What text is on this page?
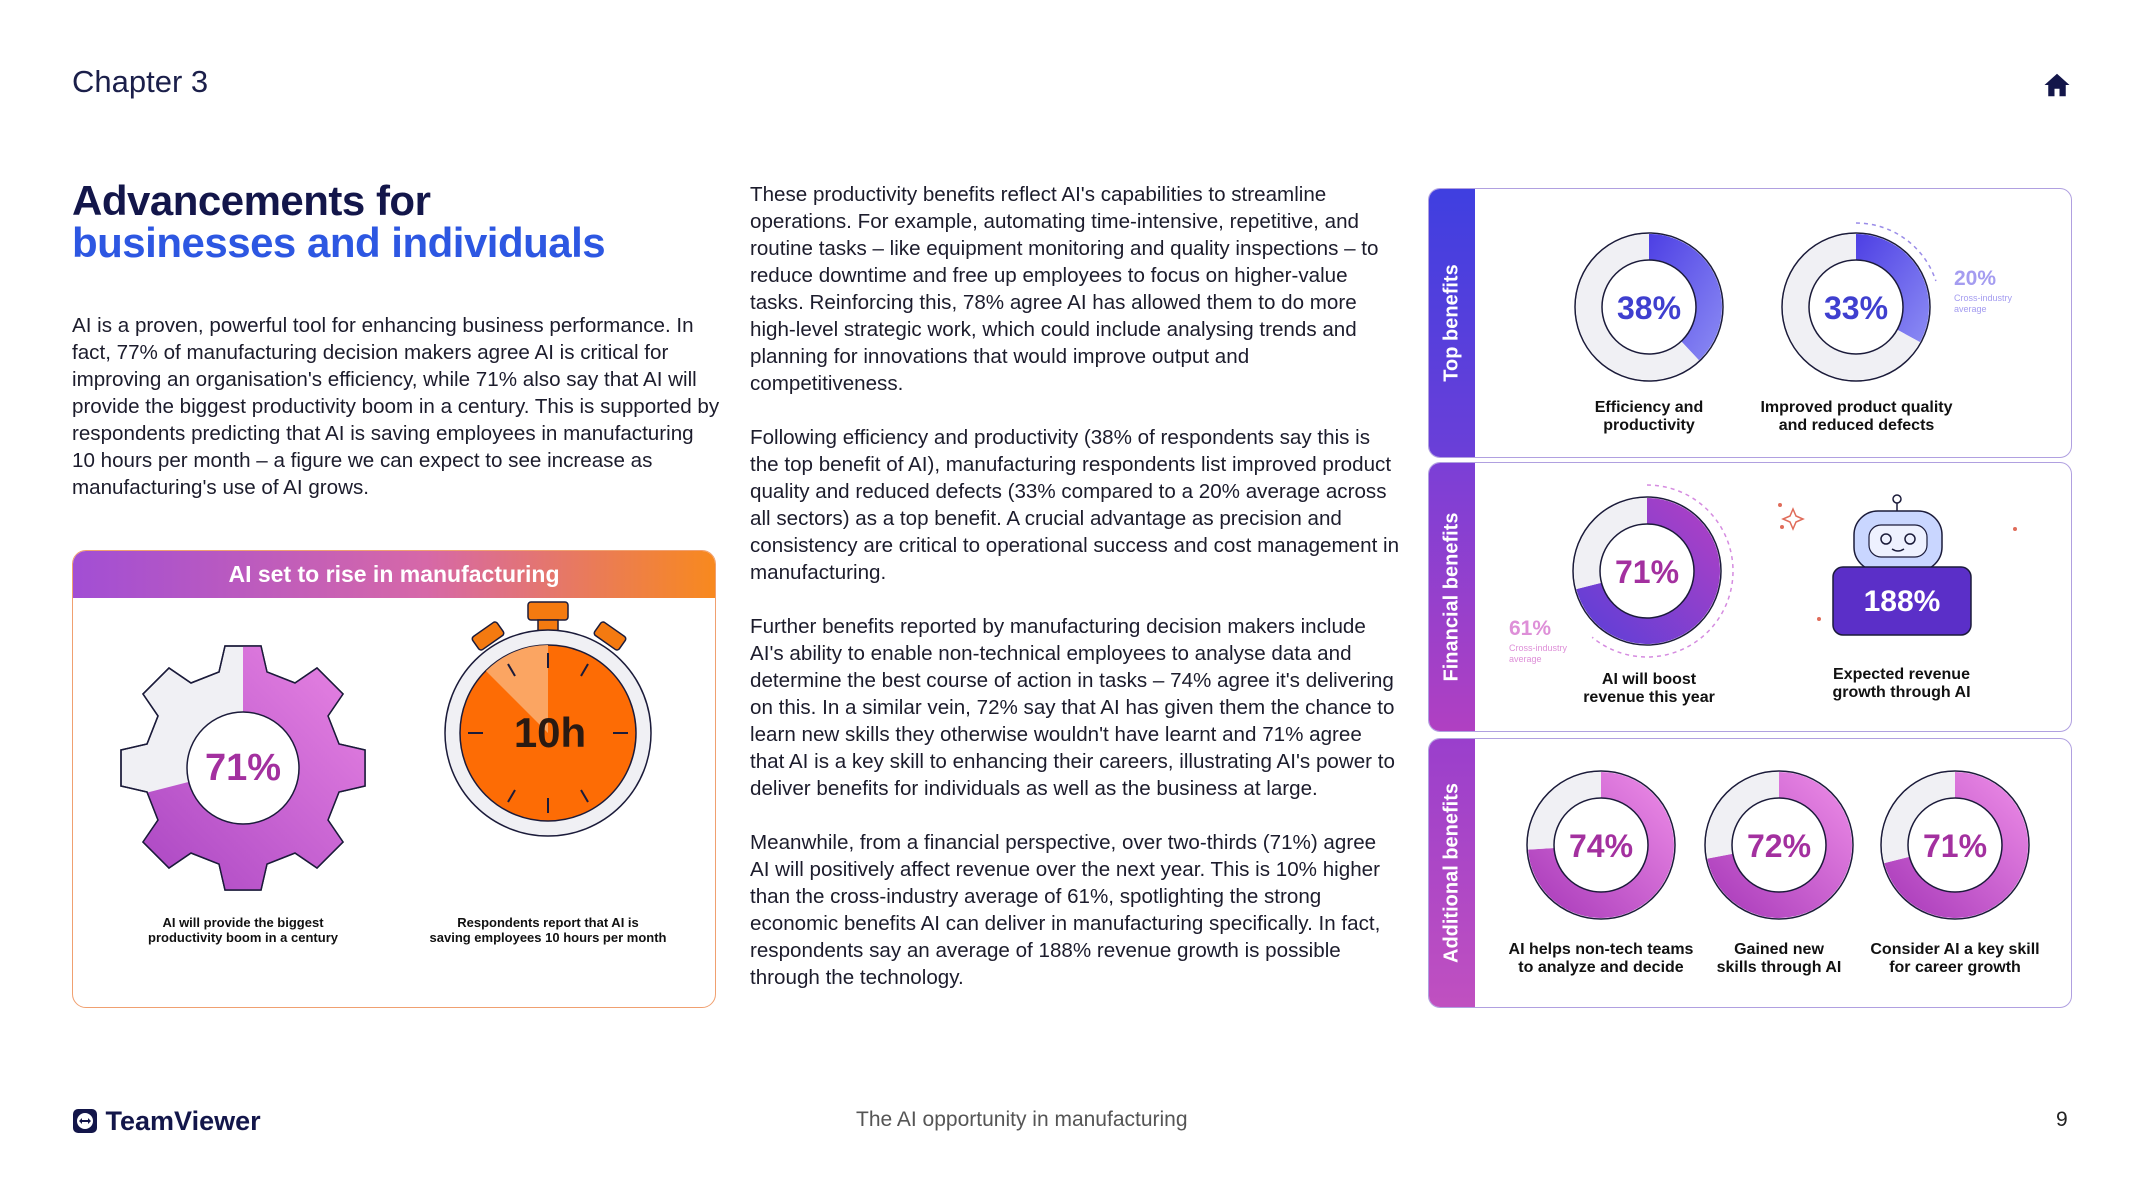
Chapter 3
Advancements for
businesses and individuals
AI is a proven, powerful tool for enhancing business performance. In fact, 77% of manufacturing decision makers agree AI is critical for improving an organisation's efficiency, while 71% also say that AI will provide the biggest productivity boom in a century. This is supported by respondents predicting that AI is saving employees in manufacturing 10 hours per month – a figure we can expect to see increase as manufacturing's use of AI grows.

These productivity benefits reflect AI's capabilities to streamline operations. For example, automating time-intensive, repetitive, and routine tasks – like equipment monitoring and quality inspections – to reduce downtime and free up employees to focus on higher-value tasks. Reinforcing this, 78% agree AI has allowed them to do more high-level strategic work, which could include analysing trends and planning for innovations that would improve output and competitiveness.

Following efficiency and productivity (38% of respondents say this is the top benefit of AI), manufacturing respondents list improved product quality and reduced defects (33% compared to a 20% average across all sectors) as a top benefit. A crucial advantage as precision and consistency are critical to operational success and cost management in manufacturing.

Further benefits reported by manufacturing decision makers include AI's ability to enable non-technical employees to analyse data and determine the best course of action in tasks – 74% agree it's delivering on this. In a similar vein, 72% say that AI has given them the chance to learn new skills they otherwise wouldn't have learnt and 71% agree that AI is a key skill to enhancing their careers, illustrating AI's power to deliver benefits for individuals as well as the business at large.

Meanwhile, from a financial perspective, over two-thirds (71%) agree AI will positively affect revenue over the next year. This is 10% higher than the cross-industry average of 61%, spotlighting the strong economic benefits AI can deliver in manufacturing specifically. In fact, respondents say an average of 188% revenue growth is possible through the technology.

AI set to rise in manufacturing
71%
10h
AI will provide the biggest
productivity boom in a century
Respondents report that AI is
saving employees 10 hours per month
Top benefits	38%	33%
20%
Cross-industry
average
Efficiency and
productivity
Improved product quality
and reduced defects
Financial benefits	71%
61%
Cross-industry
average
188%
AI will boost
revenue this year
Expected revenue
growth through AI
Additional benefits	74%	72%	71%
AI helps non-tech teams
to analyze and decide
Gained new
skills through AI
Consider AI a key skill
for career growth
TeamViewer	The AI opportunity in manufacturing	9
